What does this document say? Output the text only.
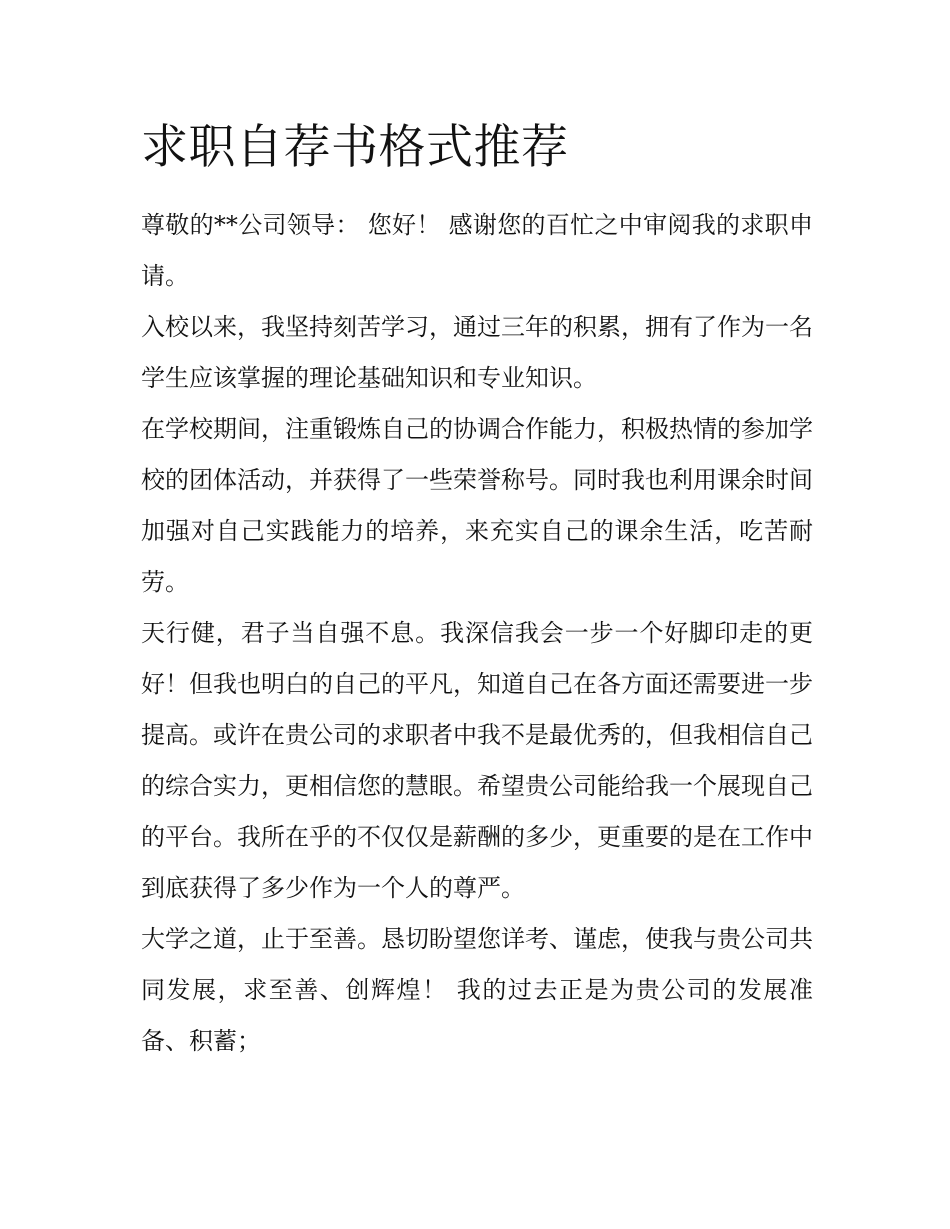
求职自荐书格式推荐

尊敬的**公司领导： 您好！ 感谢您的百忙之中审阅我的求职申请。

入校以来，我坚持刻苦学习，通过三年的积累，拥有了作为一名学生应该掌握的理论基础知识和专业知识。

在学校期间，注重锻炼自己的协调合作能力，积极热情的参加学校的团体活动，并获得了一些荣誉称号。同时我也利用课余时间加强对自己实践能力的培养，来充实自己的课余生活，吃苦耐劳。

天行健，君子当自强不息。我深信我会一步一个好脚印走的更好！但我也明白的自己的平凡，知道自己在各方面还需要进一步提高。或许在贵公司的求职者中我不是最优秀的，但我相信自己的综合实力，更相信您的慧眼。希望贵公司能给我一个展现自己的平台。我所在乎的不仅仅是薪酬的多少，更重要的是在工作中到底获得了多少作为一个人的尊严。

大学之道，止于至善。恳切盼望您详考、谨虑，使我与贵公司共同发展，求至善、创辉煌！ 我的过去正是为贵公司的发展准备、积蓄；
